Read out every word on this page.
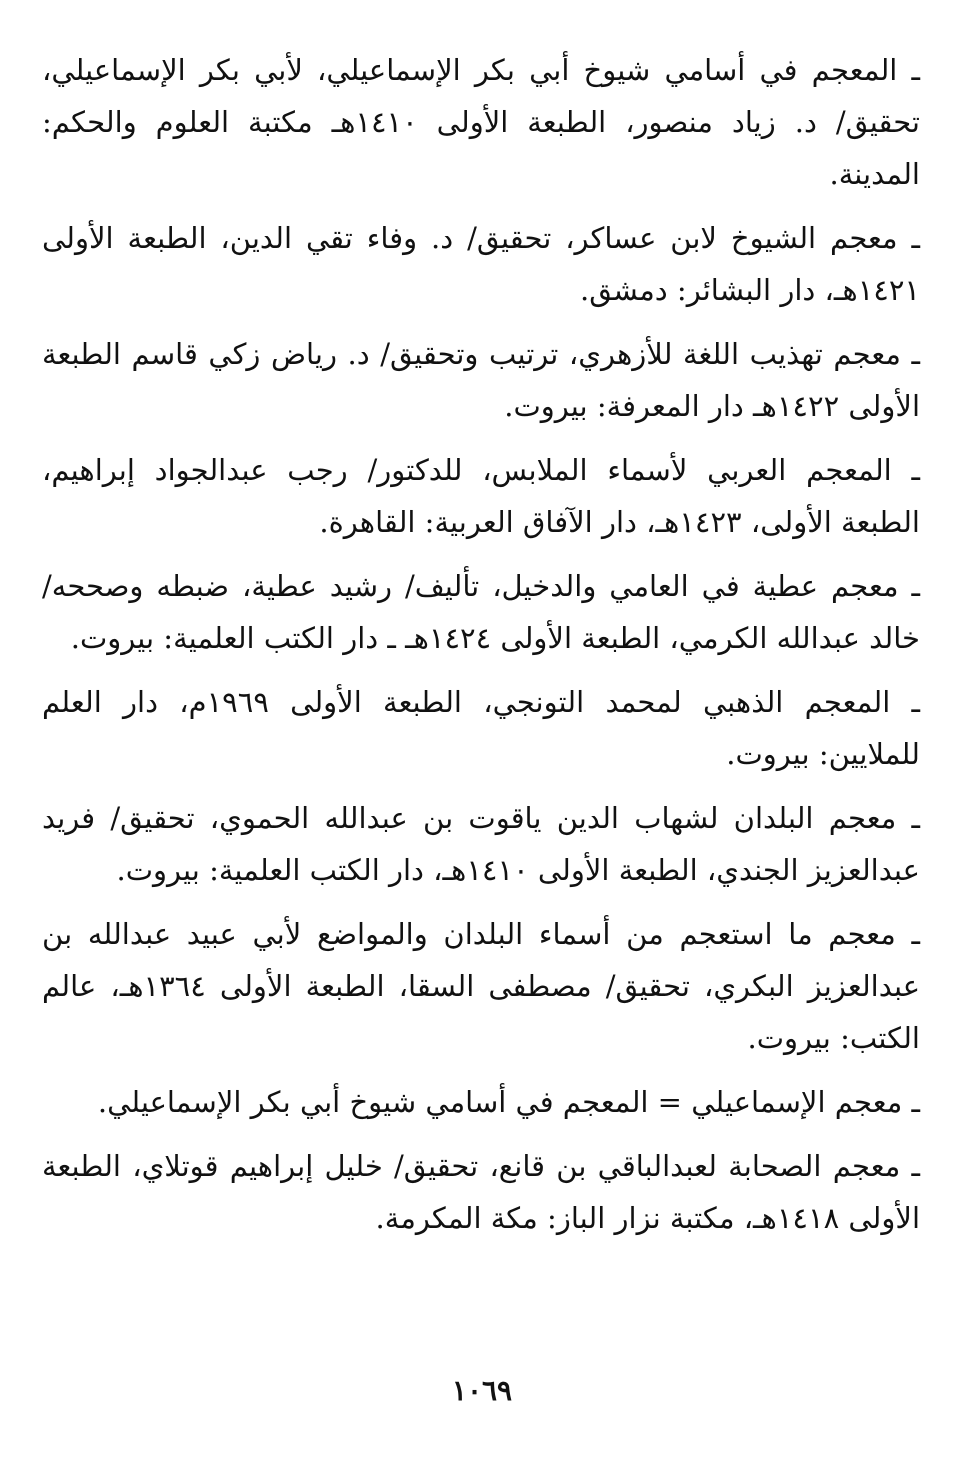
ـ المعجم في أسامي شيوخ أبي بكر الإسماعيلي، لأبي بكر الإسماعيلي، تحقيق/ د. زياد منصور، الطبعة الأولى ١٤١٠هـ مكتبة العلوم والحكم: المدينة.

ـ معجم الشيوخ لابن عساكر، تحقيق/ د. وفاء تقي الدين، الطبعة الأولى ١٤٢١هـ، دار البشائر: دمشق.

ـ معجم تهذيب اللغة للأزهري، ترتيب وتحقيق/ د. رياض زكي قاسم الطبعة الأولى ١٤٢٢هـ دار المعرفة: بيروت.

ـ المعجم العربي لأسماء الملابس، للدكتور/ رجب عبدالجواد إبراهيم، الطبعة الأولى، ١٤٢٣هـ، دار الآفاق العربية: القاهرة.

ـ معجم عطية في العامي والدخيل، تأليف/ رشيد عطية، ضبطه وصححه/ خالد عبدالله الكرمي، الطبعة الأولى ١٤٢٤هـ ـ دار الكتب العلمية: بيروت.

ـ المعجم الذهبي لمحمد التونجي، الطبعة الأولى ١٩٦٩م، دار العلم للملايين: بيروت.

ـ معجم البلدان لشهاب الدين ياقوت بن عبدالله الحموي، تحقيق/ فريد عبدالعزيز الجندي، الطبعة الأولى ١٤١٠هـ، دار الكتب العلمية: بيروت.

ـ معجم ما استعجم من أسماء البلدان والمواضع لأبي عبيد عبدالله بن عبدالعزيز البكري، تحقيق/ مصطفى السقا، الطبعة الأولى ١٣٦٤هـ، عالم الكتب: بيروت.

ـ معجم الإسماعيلي = المعجم في أسامي شيوخ أبي بكر الإسماعيلي.

ـ معجم الصحابة لعبدالباقي بن قانع، تحقيق/ خليل إبراهيم قوتلاي، الطبعة الأولى ١٤١٨هـ، مكتبة نزار الباز: مكة المكرمة.

١٠٦٩
